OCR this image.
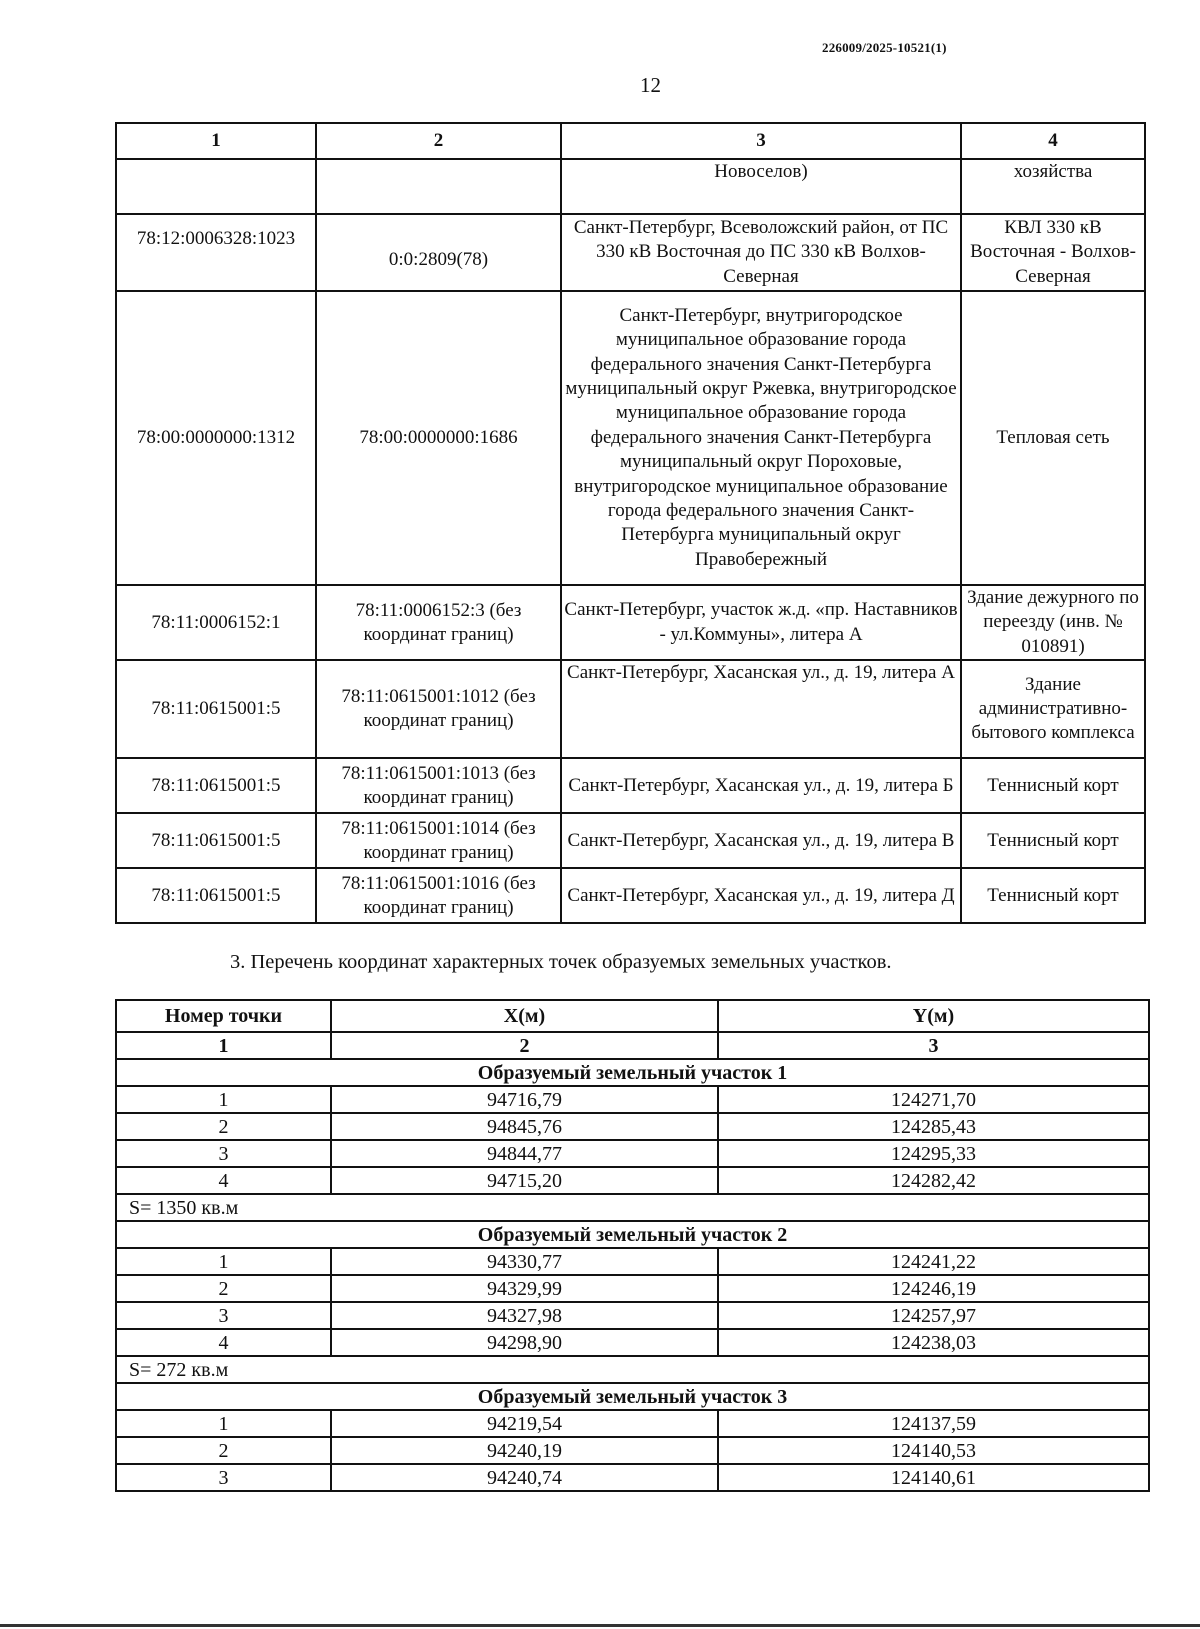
226009/2025-10521(1)
12
1	2	3	4
		Новоселов)	хозяйства
78:12:0006328:1023	0:0:2809(78)	Санкт-Петербург, Всеволожский район, от ПС 330 кВ Восточная до ПС 330 кВ Волхов-Северная	КВЛ 330 кВ Восточная - Волхов-Северная
78:00:0000000:1312	78:00:0000000:1686	Санкт-Петербург, внутригородское муниципальное образование города федерального значения Санкт-Петербурга муниципальный округ Ржевка, внутригородское муниципальное образование города федерального значения Санкт-Петербурга муниципальный округ Пороховые, внутригородское муниципальное образование города федерального значения Санкт-Петербурга муниципальный округ Правобережный	Тепловая сеть
78:11:0006152:1	78:11:0006152:3 (без координат границ)	Санкт-Петербург, участок ж.д. «пр. Наставников - ул.Коммуны», литера А	Здание дежурного по переезду (инв. № 010891)
78:11:0615001:5	78:11:0615001:1012 (без координат границ)	Санкт-Петербург, Хасанская ул., д. 19, литера А	Здание административно-бытового комплекса
78:11:0615001:5	78:11:0615001:1013 (без координат границ)	Санкт-Петербург, Хасанская ул., д. 19, литера Б	Теннисный корт
78:11:0615001:5	78:11:0615001:1014 (без координат границ)	Санкт-Петербург, Хасанская ул., д. 19, литера В	Теннисный корт
78:11:0615001:5	78:11:0615001:1016 (без координат границ)	Санкт-Петербург, Хасанская ул., д. 19, литера Д	Теннисный корт
3. Перечень координат характерных точек образуемых земельных участков.
Номер точки	X(м)	Y(м)
1	2	3
Образуемый земельный участок 1		
1	94716,79	124271,70
2	94845,76	124285,43
3	94844,77	124295,33
4	94715,20	124282,42
S= 1350 кв.м		
Образуемый земельный участок 2		
1	94330,77	124241,22
2	94329,99	124246,19
3	94327,98	124257,97
4	94298,90	124238,03
S= 272 кв.м		
Образуемый земельный участок 3		
1	94219,54	124137,59
2	94240,19	124140,53
3	94240,74	124140,61
